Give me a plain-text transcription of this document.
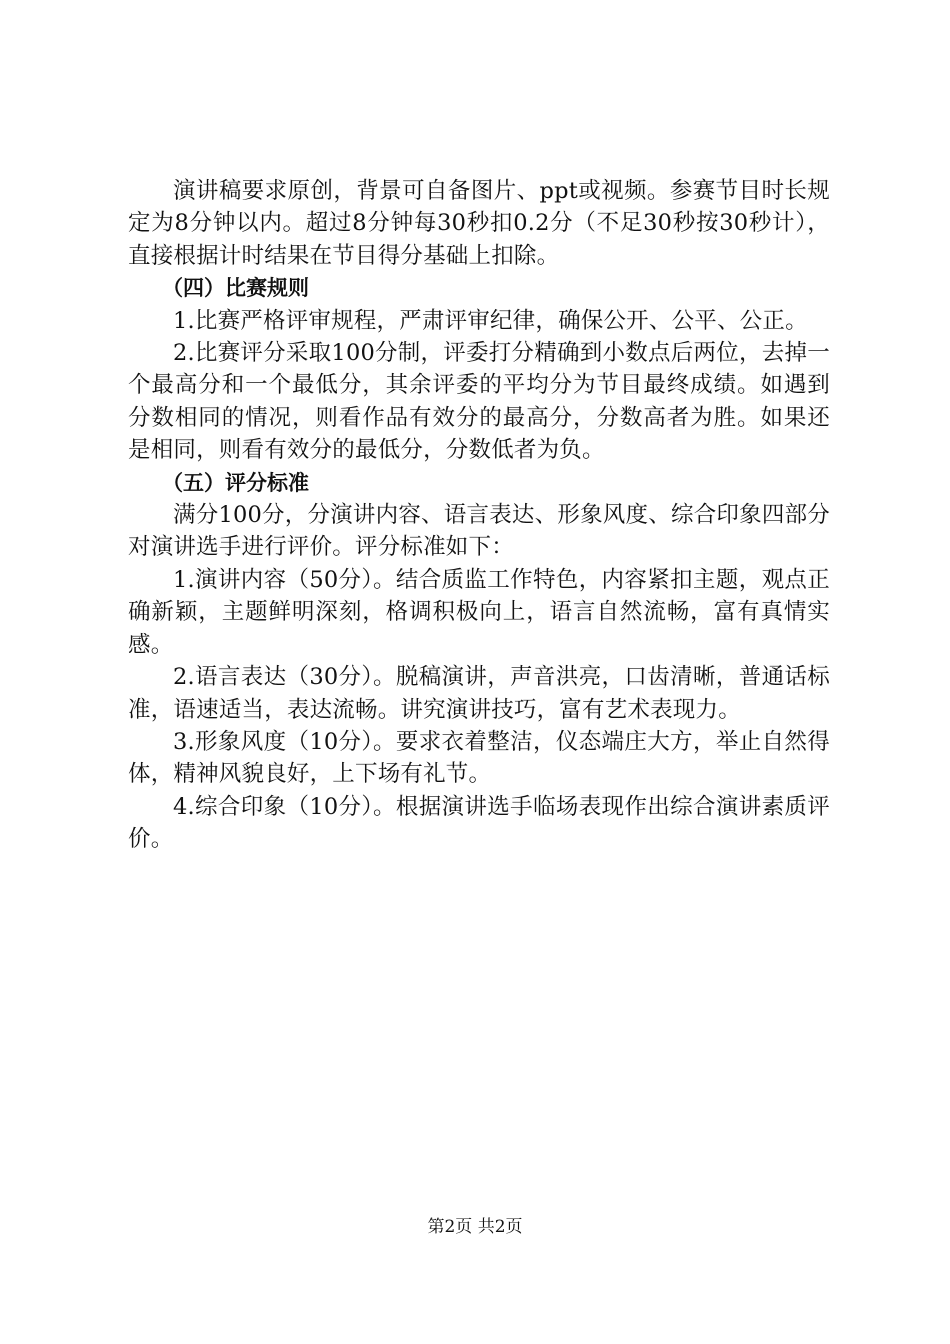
演讲稿要求原创，背景可自备图片、ppt或视频。参赛节目时长规定为8分钟以内。超过8分钟每30秒扣0.2分（不足30秒按30秒计），直接根据计时结果在节目得分基础上扣除。

（四）比赛规则

1.比赛严格评审规程，严肃评审纪律，确保公开、公平、公正。

2.比赛评分采取100分制，评委打分精确到小数点后两位，去掉一个最高分和一个最低分，其余评委的平均分为节目最终成绩。如遇到分数相同的情况，则看作品有效分的最高分，分数高者为胜。如果还是相同，则看有效分的最低分，分数低者为负。

（五）评分标准

满分100分，分演讲内容、语言表达、形象风度、综合印象四部分对演讲选手进行评价。评分标准如下：

1.演讲内容（50分）。结合质监工作特色，内容紧扣主题，观点正确新颖，主题鲜明深刻，格调积极向上，语言自然流畅，富有真情实感。

2.语言表达（30分）。脱稿演讲，声音洪亮，口齿清晰，普通话标准，语速适当，表达流畅。讲究演讲技巧，富有艺术表现力。

3.形象风度（10分）。要求衣着整洁，仪态端庄大方，举止自然得体，精神风貌良好，上下场有礼节。

4.综合印象（10分）。根据演讲选手临场表现作出综合演讲素质评价。

第2页 共2页
